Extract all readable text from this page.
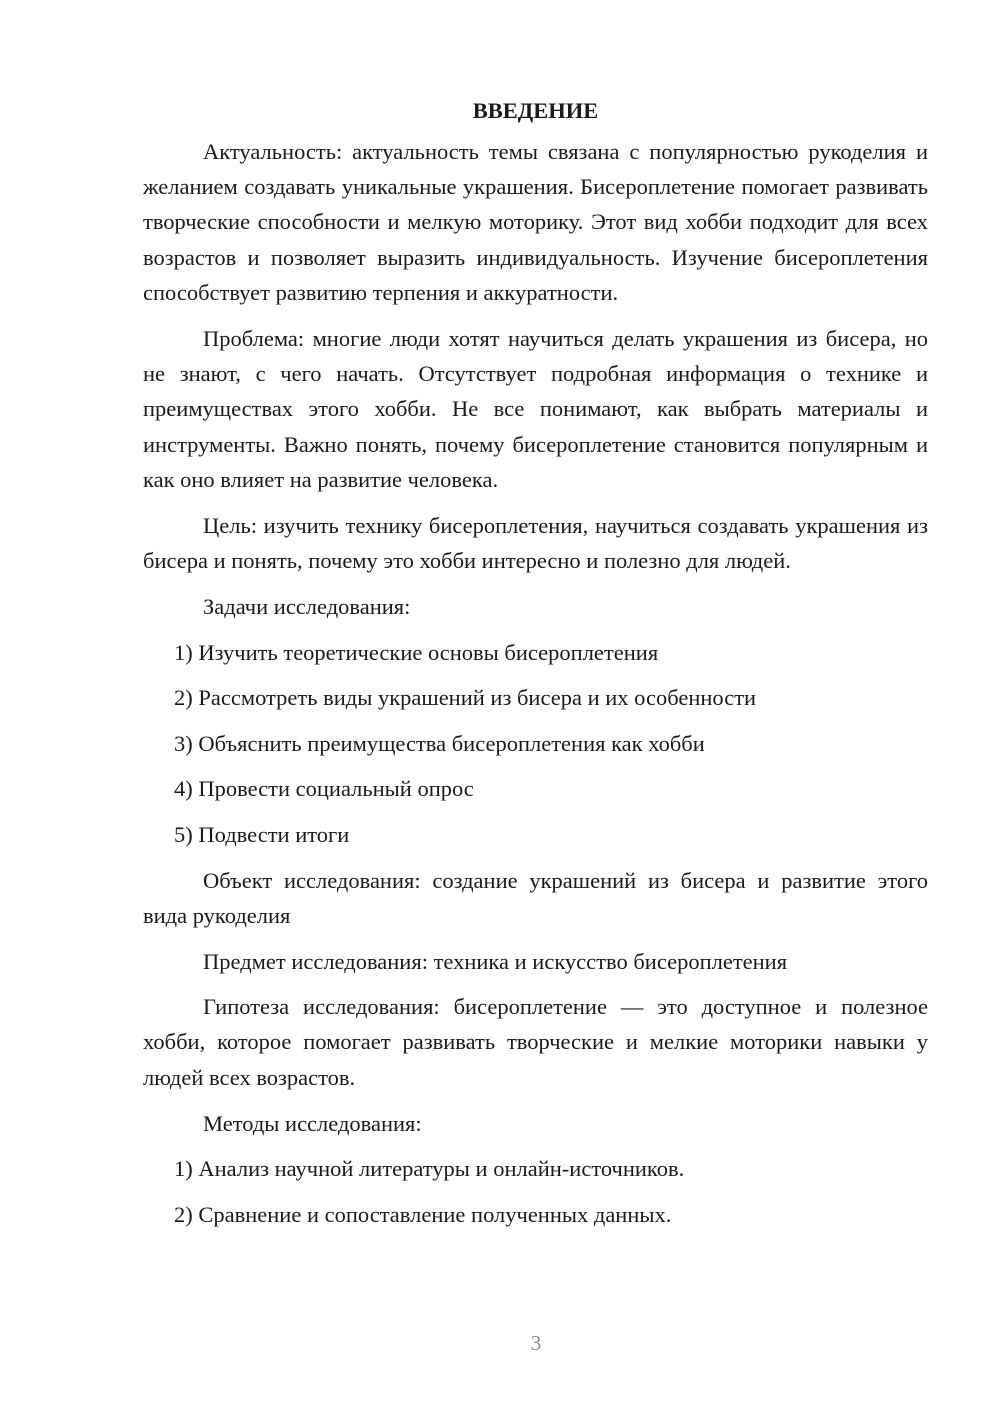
ВВЕДЕНИЕ

Актуальность: актуальность темы связана с популярностью рукоделия и желанием создавать уникальные украшения. Бисероплетение помогает развивать творческие способности и мелкую моторику. Этот вид хобби подходит для всех возрастов и позволяет выразить индивидуальность. Изучение бисероплетения способствует развитию терпения и аккуратности.

Проблема: многие люди хотят научиться делать украшения из бисера, но не знают, с чего начать. Отсутствует подробная информация о технике и преимуществах этого хобби. Не все понимают, как выбрать материалы и инструменты. Важно понять, почему бисероплетение становится популярным и как оно влияет на развитие человека.

Цель: изучить технику бисероплетения, научиться создавать украшения из бисера и понять, почему это хобби интересно и полезно для людей.

Задачи исследования:

1) Изучить теоретические основы бисероплетения

2) Рассмотреть виды украшений из бисера и их особенности

3) Объяснить преимущества бисероплетения как хобби

4) Провести социальный опрос

5) Подвести итоги

Объект исследования: создание украшений из бисера и развитие этого вида рукоделия

Предмет исследования: техника и искусство бисероплетения

Гипотеза исследования: бисероплетение — это доступное и полезное хобби, которое помогает развивать творческие и мелкие моторики навыки у людей всех возрастов.

Методы исследования:

1) Анализ научной литературы и онлайн-источников.

2) Сравнение и сопоставление полученных данных.

3
